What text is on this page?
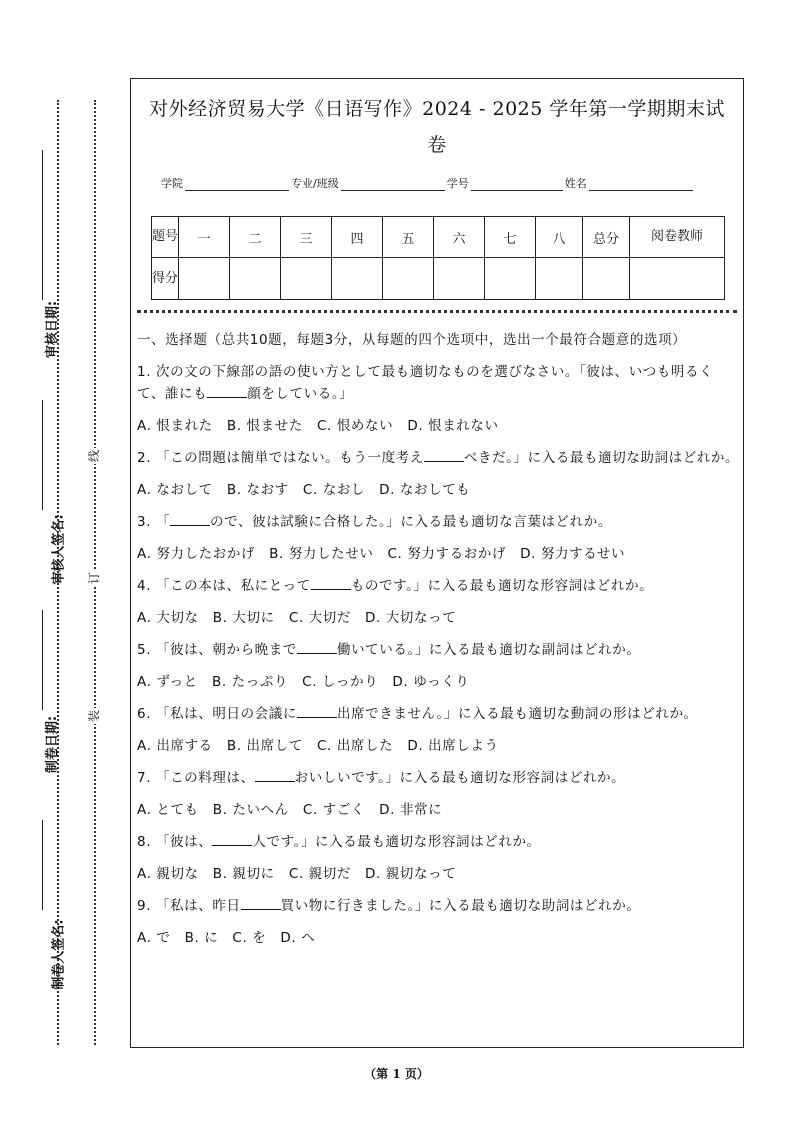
审核日期:
审核人签名:
制卷日期:
制卷人签名:
线
订
装
对外经济贸易大学《日语写作》2024 - 2025 学年第一学期期末试
卷
学院	专业/班级	学号	姓名
题号	一	二	三	四	五	六	七	八	总分	阅卷教师
得分										

一、选择题（总共10题，每题3分，从每题的四个选项中，选出一个最符合题意的选项）

1. 次の文の下線部の語の使い方として最も適切なものを選びなさい。「彼は、いつも明るくて、誰にも	顔をしている。」

A. 恨まれた　B. 恨ませた　C. 恨めない　D. 恨まれない

2. 「この問題は簡単ではない。もう一度考え	べきだ。」に入る最も適切な助詞はどれか。

A. なおして　B. なおす　C. なおし　D. なおしても

3. 「	ので、彼は試験に合格した。」に入る最も適切な言葉はどれか。

A. 努力したおかげ　B. 努力したせい　C. 努力するおかげ　D. 努力するせい

4. 「この本は、私にとって	ものです。」に入る最も適切な形容詞はどれか。

A. 大切な　B. 大切に　C. 大切だ　D. 大切なって

5. 「彼は、朝から晩まで	働いている。」に入る最も適切な副詞はどれか。

A. ずっと　B. たっぷり　C. しっかり　D. ゆっくり

6. 「私は、明日の会議に	出席できません。」に入る最も適切な動詞の形はどれか。

A. 出席する　B. 出席して　C. 出席した　D. 出席しよう

7. 「この料理は、	おいしいです。」に入る最も適切な形容詞はどれか。

A. とても　B. たいへん　C. すごく　D. 非常に

8. 「彼は、	人です。」に入る最も適切な形容詞はどれか。

A. 親切な　B. 親切に　C. 親切だ　D. 親切なって

9. 「私は、昨日	買い物に行きました。」に入る最も適切な助詞はどれか。

A. で　B. に　C. を　D. へ

（第 1 页）
